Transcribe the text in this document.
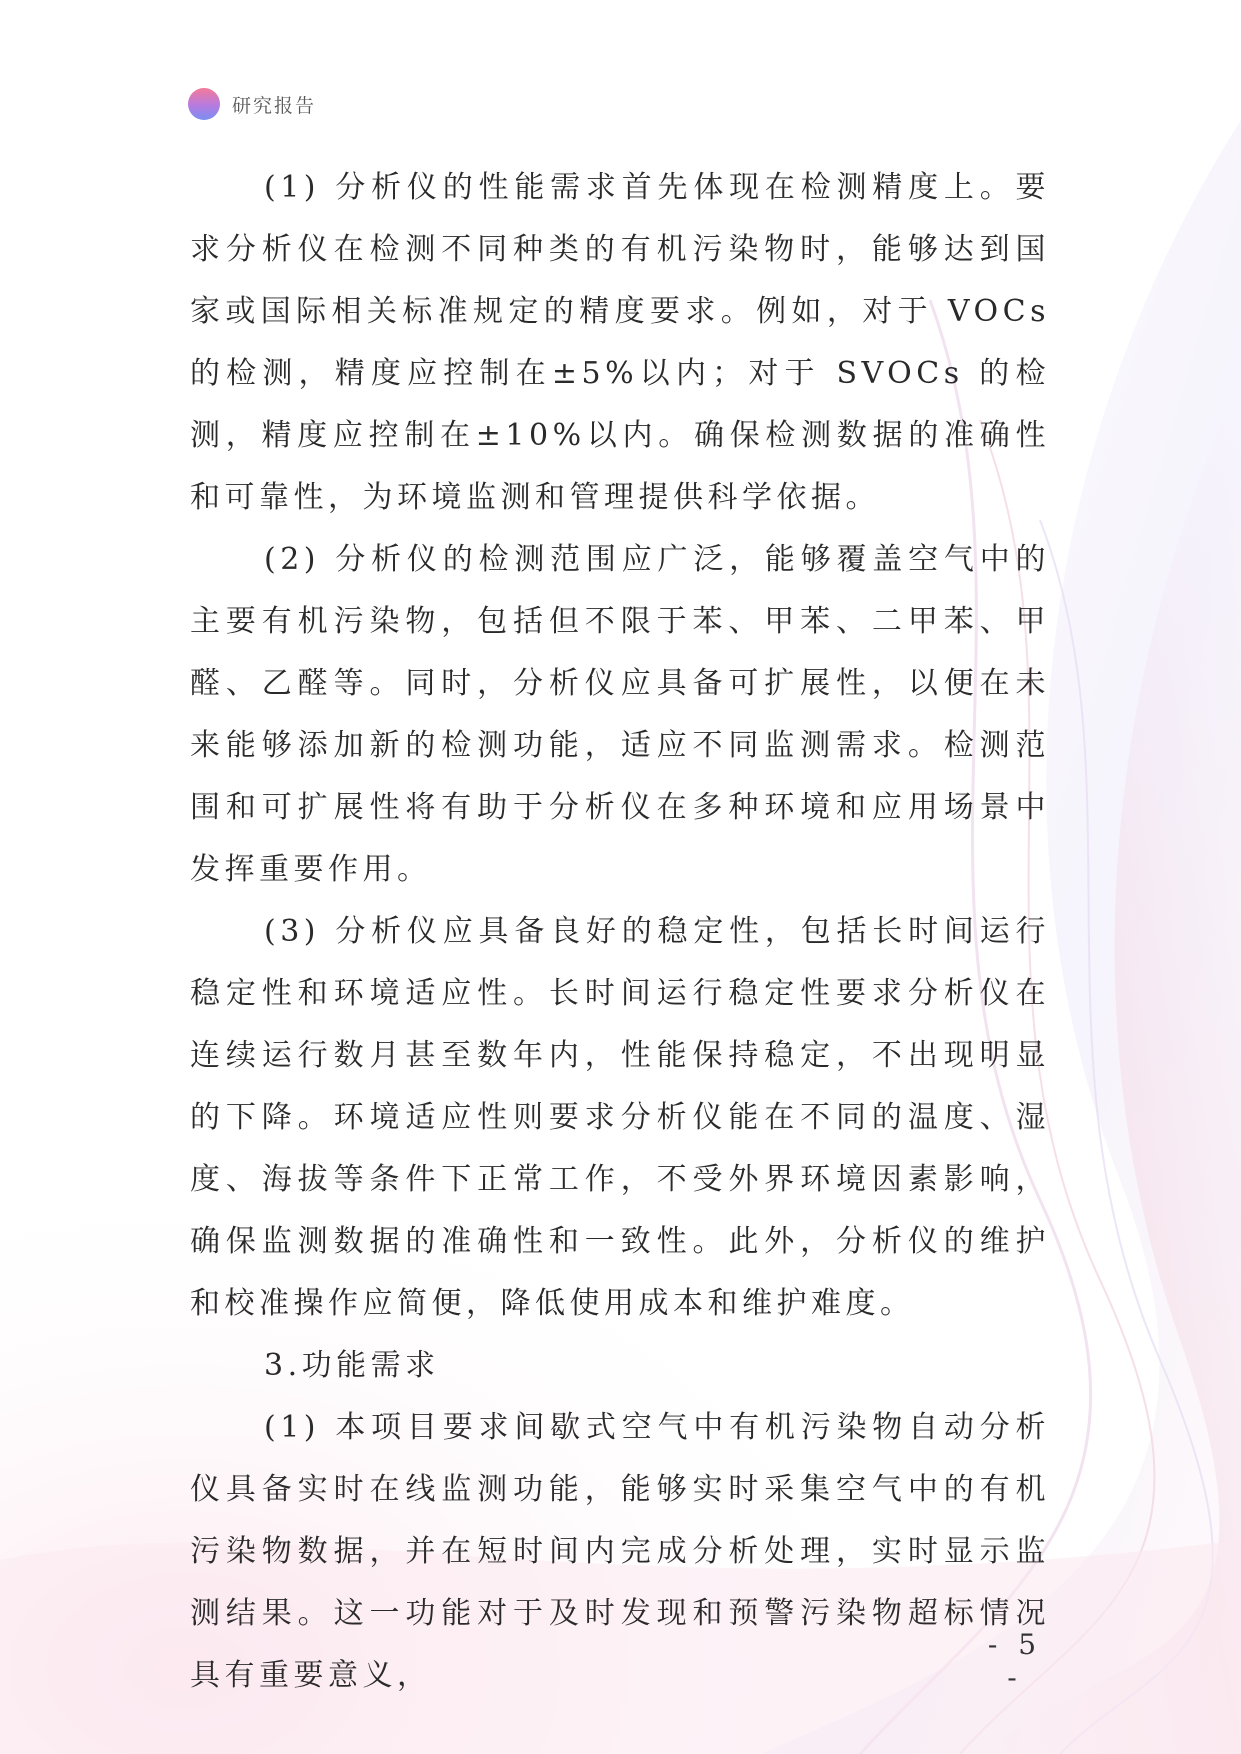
研究报告

(1) 分析仪的性能需求首先体现在检测精度上。要求分析仪在检测不同种类的有机污染物时，能够达到国家或国际相关标准规定的精度要求。例如，对于 VOCs 的检测，精度应控制在±5%以内；对于 SVOCs 的检测，精度应控制在±10%以内。确保检测数据的准确性和可靠性，为环境监测和管理提供科学依据。

(2) 分析仪的检测范围应广泛，能够覆盖空气中的主要有机污染物，包括但不限于苯、甲苯、二甲苯、甲醛、乙醛等。同时，分析仪应具备可扩展性，以便在未来能够添加新的检测功能，适应不同监测需求。检测范围和可扩展性将有助于分析仪在多种环境和应用场景中发挥重要作用。

(3) 分析仪应具备良好的稳定性，包括长时间运行稳定性和环境适应性。长时间运行稳定性要求分析仪在连续运行数月甚至数年内，性能保持稳定，不出现明显的下降。环境适应性则要求分析仪能在不同的温度、湿度、海拔等条件下正常工作，不受外界环境因素影响，确保监测数据的准确性和一致性。此外，分析仪的维护和校准操作应简便，降低使用成本和维护难度。

3.功能需求

(1) 本项目要求间歇式空气中有机污染物自动分析仪具备实时在线监测功能，能够实时采集空气中的有机污染物数据，并在短时间内完成分析处理，实时显示监测结果。这一功能对于及时发现和预警污染物超标情况具有重要意义，

- 5 -
